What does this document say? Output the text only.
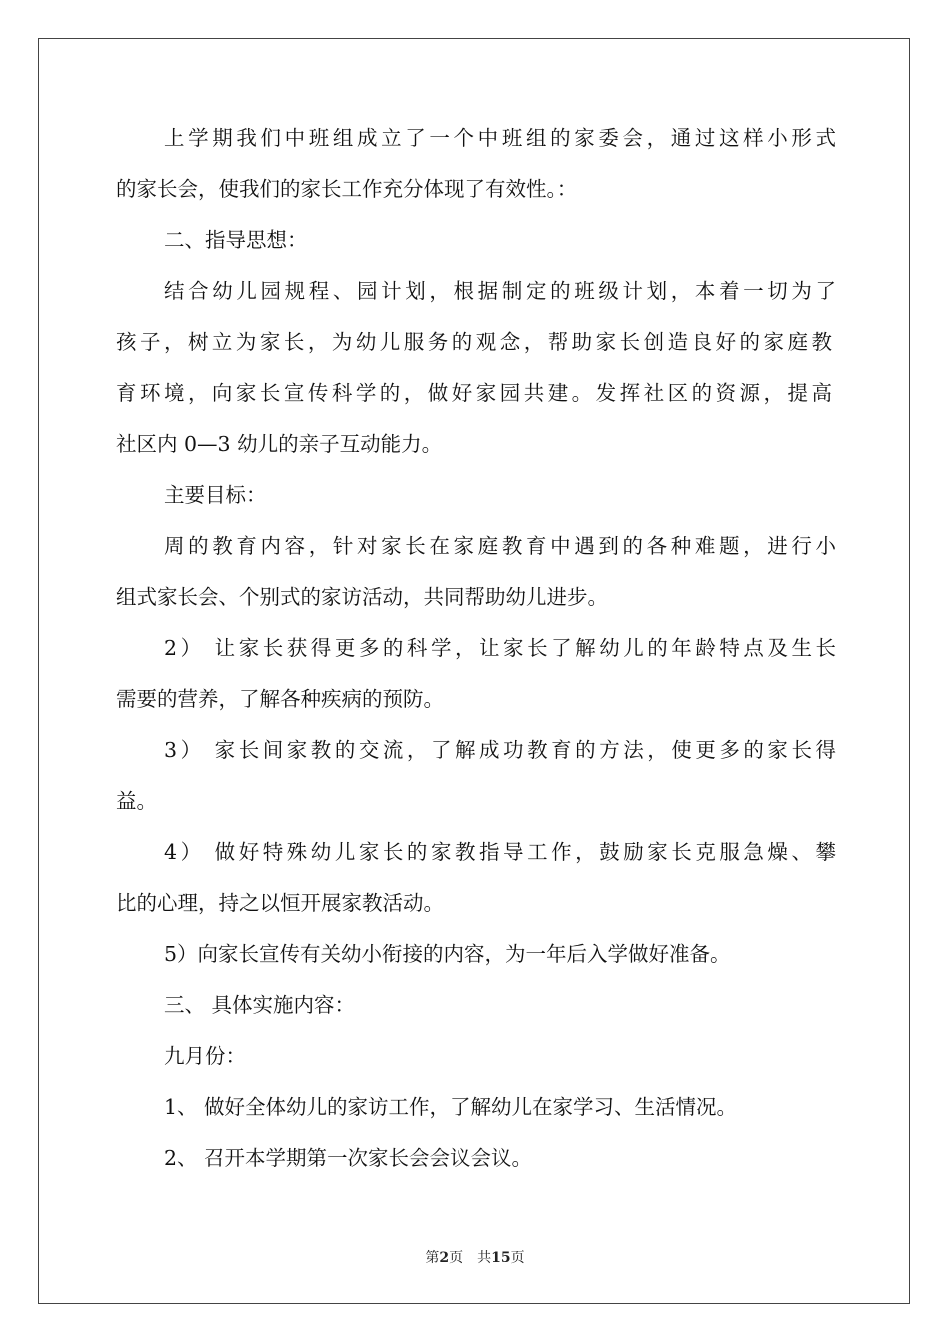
上学期我们中班组成立了一个中班组的家委会，通过这样小形式
的家长会，使我们的家长工作充分体现了有效性。：
二、指导思想：
结合幼儿园规程、园计划，根据制定的班级计划，本着一切为了
孩子，树立为家长，为幼儿服务的观念，帮助家长创造良好的家庭教
育环境，向家长宣传科学的，做好家园共建。发挥社区的资源，提高
社区内 0—3 幼儿的亲子互动能力。
主要目标：
周的教育内容，针对家长在家庭教育中遇到的各种难题，进行小
组式家长会、个别式的家访活动，共同帮助幼儿进步。
2） 让家长获得更多的科学，让家长了解幼儿的年龄特点及生长
需要的营养，了解各种疾病的预防。
3） 家长间家教的交流，了解成功教育的方法，使更多的家长得
益。
4） 做好特殊幼儿家长的家教指导工作，鼓励家长克服急燥、攀
比的心理，持之以恒开展家教活动。
5）向家长宣传有关幼小衔接的内容，为一年后入学做好准备。
三、 具体实施内容：
九月份：
1、 做好全体幼儿的家访工作，了解幼儿在家学习、生活情况。
2、 召开本学期第一次家长会会议会议。
第2页　共15页
